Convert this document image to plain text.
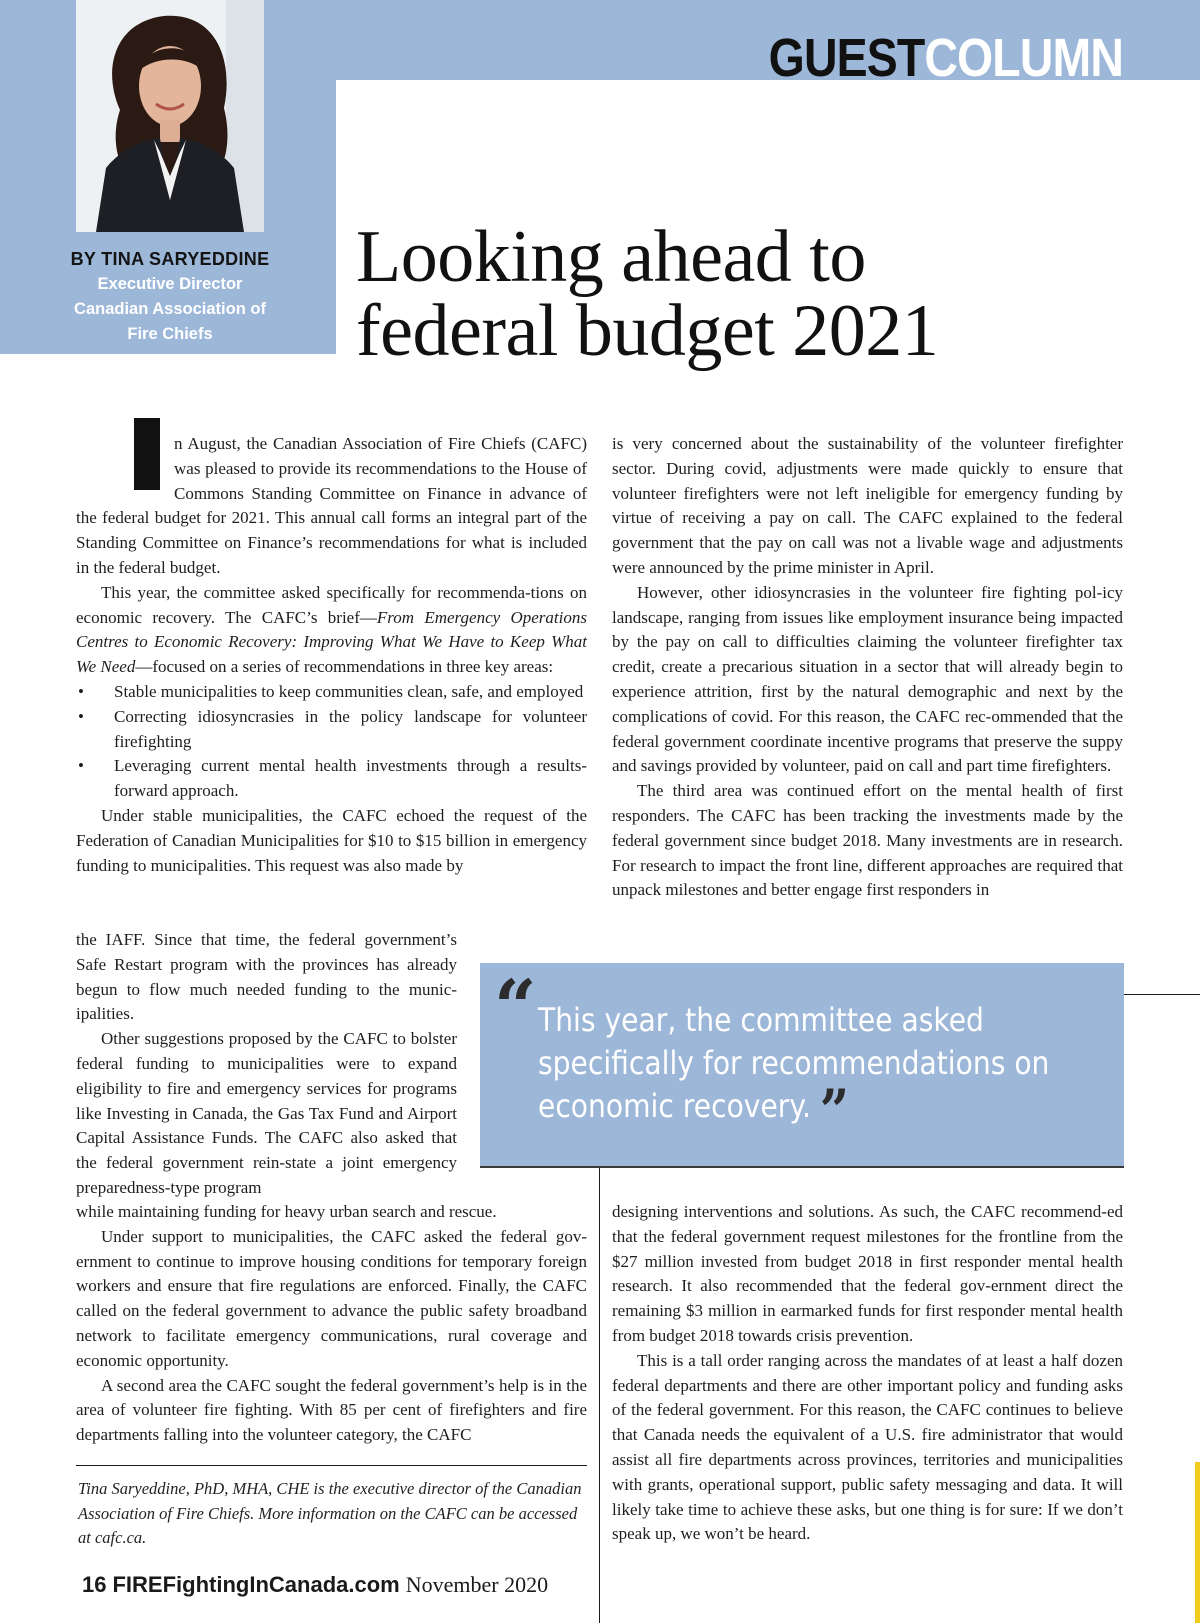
GUESTCOLUMN
BY TINA SARYEDDINE
Executive Director
Canadian Association of
Fire Chiefs
Looking ahead to
federal budget 2021

n August, the Canadian Association of Fire Chiefs (CAFC) was pleased to provide its recommendations to the House of Commons Standing Committee on Finance in advance of the federal budget for 2021. This annual call forms an integral part of the Standing Committee on Finance’s recommendations for what is included in the federal budget.

This year, the committee asked specifically for recommenda-tions on economic recovery. The CAFC’s brief—From Emergency Operations Centres to Economic Recovery: Improving What We Have to Keep What We Need—focused on a series of recommendations in three key areas:

• Stable municipalities to keep communities clean, safe, and employed
• Correcting idiosyncrasies in the policy landscape for volunteer firefighting
• Leveraging current mental health investments through a results-forward approach.

Under stable municipalities, the CAFC echoed the request of the Federation of Canadian Municipalities for $10 to $15 billion in emergency funding to municipalities. This request was also made by

the IAFF. Since that time, the federal government’s Safe Restart program with the provinces has already begun to flow much needed funding to the munic-ipalities.

Other suggestions proposed by the CAFC to bolster federal funding to municipalities were to expand eligibility to fire and emergency services for programs like Investing in Canada, the Gas Tax Fund and Airport Capital Assistance Funds. The CAFC also asked that the federal government rein-state a joint emergency preparedness-type program

while maintaining funding for heavy urban search and rescue.

Under support to municipalities, the CAFC asked the federal gov-ernment to continue to improve housing conditions for temporary foreign workers and ensure that fire regulations are enforced. Finally, the CAFC called on the federal government to advance the public safety broadband network to facilitate emergency communications, rural coverage and economic opportunity.

A second area the CAFC sought the federal government’s help is in the area of volunteer fire fighting. With 85 per cent of firefighters and fire departments falling into the volunteer category, the CAFC

Tina Saryeddine, PhD, MHA, CHE is the executive director of the Canadian Association of Fire Chiefs. More information on the CAFC can be accessed at cafc.ca.

is very concerned about the sustainability of the volunteer firefighter sector. During covid, adjustments were made quickly to ensure that volunteer firefighters were not left ineligible for emergency funding by virtue of receiving a pay on call. The CAFC explained to the federal government that the pay on call was not a livable wage and adjustments were announced by the prime minister in April.

However, other idiosyncrasies in the volunteer fire fighting pol-icy landscape, ranging from issues like employment insurance being impacted by the pay on call to difficulties claiming the volunteer firefighter tax credit, create a precarious situation in a sector that will already begin to experience attrition, first by the natural demographic and next by the complications of covid. For this reason, the CAFC rec-ommended that the federal government coordinate incentive programs that preserve the suppy and savings provided by volunteer, paid on call and part time firefighters.

The third area was continued effort on the mental health of first responders. The CAFC has been tracking the investments made by the federal government since budget 2018. Many investments are in research. For research to impact the front line, different approaches are required that unpack milestones and better engage first responders in

“ This year, the committee asked specifically for recommendations on economic recovery. ”

designing interventions and solutions. As such, the CAFC recommend-ed that the federal government request milestones for the frontline from the $27 million invested from budget 2018 in first responder mental health research. It also recommended that the federal gov-ernment direct the remaining $3 million in earmarked funds for first responder mental health from budget 2018 towards crisis prevention.

This is a tall order ranging across the mandates of at least a half dozen federal departments and there are other important policy and funding asks of the federal government. For this reason, the CAFC continues to believe that Canada needs the equivalent of a U.S. fire administrator that would assist all fire departments across provinces, territories and municipalities with grants, operational support, public safety messaging and data. It will likely take time to achieve these asks, but one thing is for sure: If we don’t speak up, we won’t be heard.

16 FIREFightingInCanada.com November 2020
